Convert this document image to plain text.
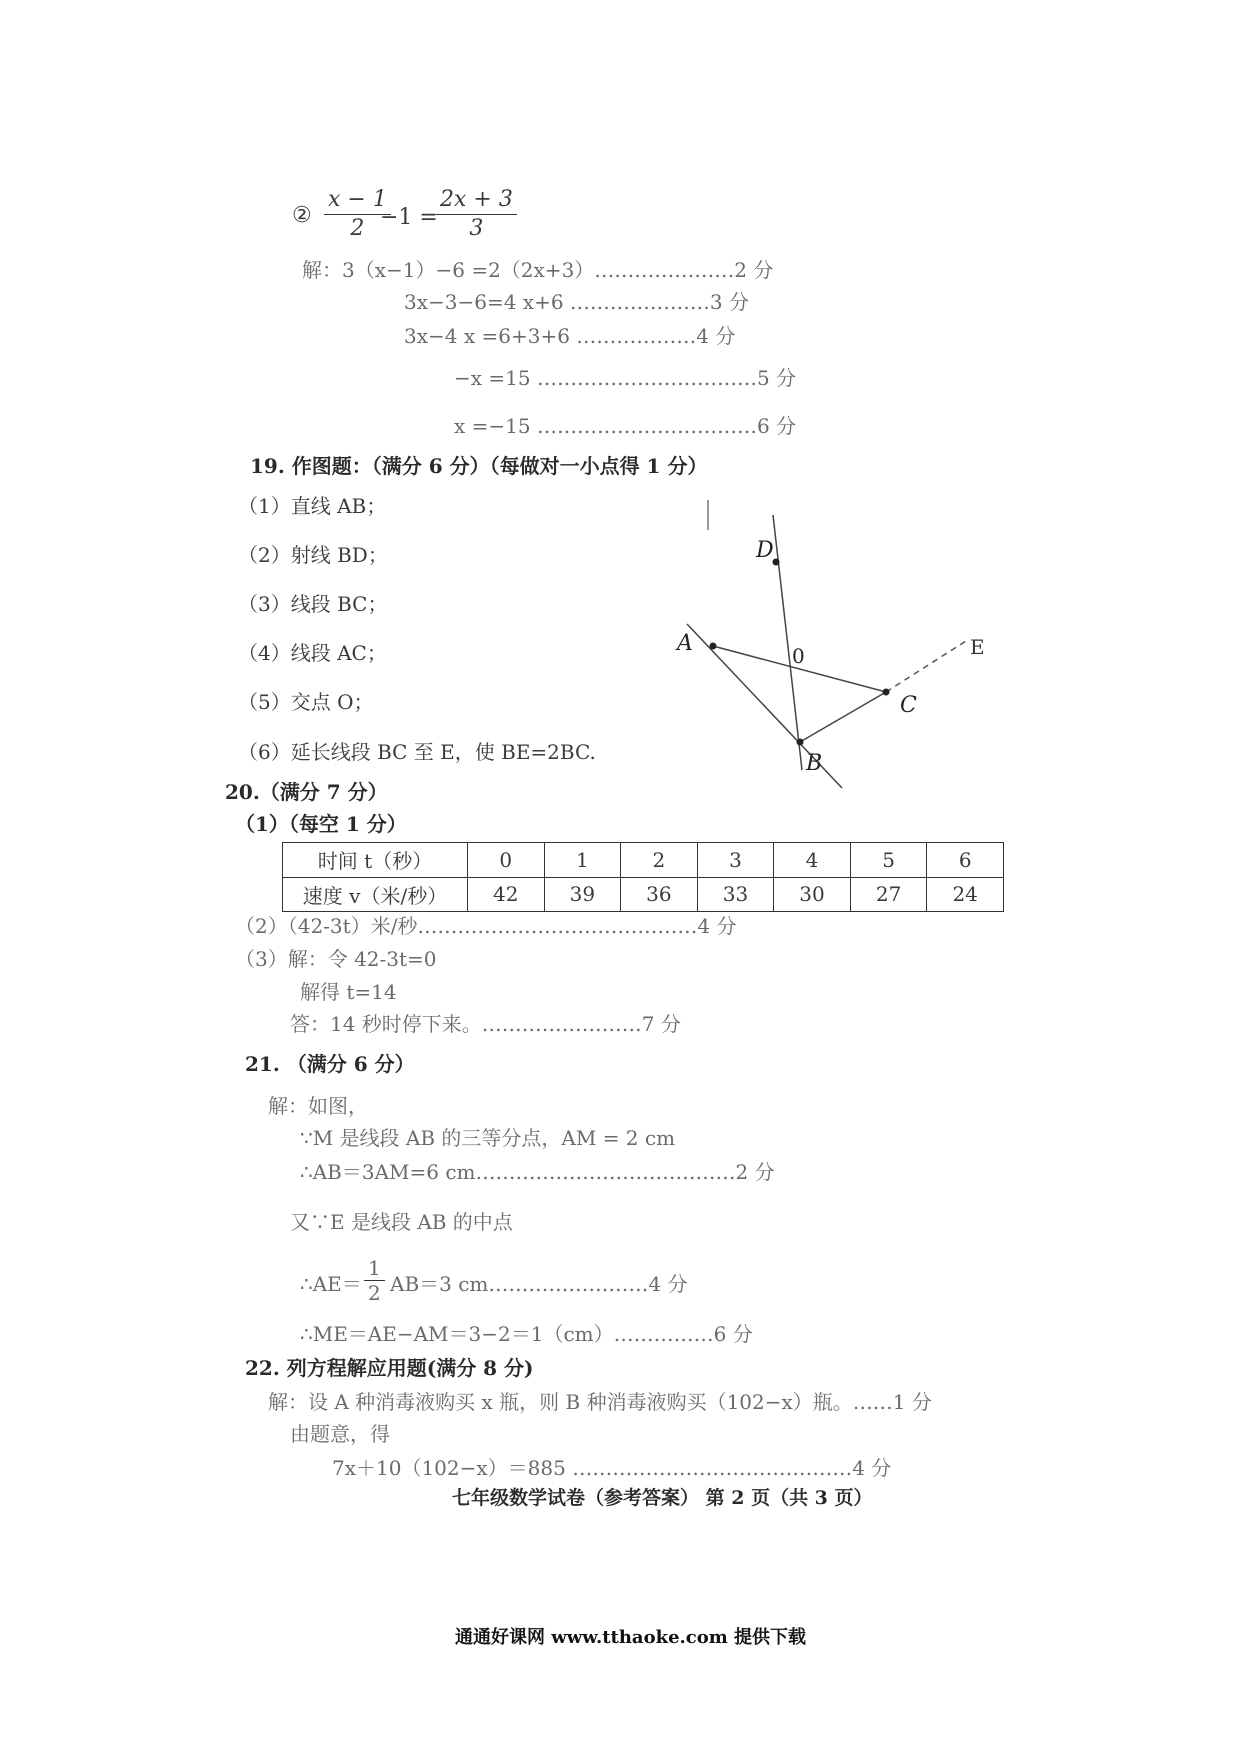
② $\frac{x - 1}{2}$
−1 =
$\frac{2x + 3}{3}$
解：3（x−1）−6 =2（2x+3）…………………2 分
3x−3−6=4 x+6 …………………3 分
3x−4 x =6+3+6 ………………4 分
−x =15 ……………………………5 分
x =−15 ……………………………6 分
19. 作图题：（满分 6 分）（每做对一小点得 1 分）
（1）直线 AB；
（2）射线 BD；
（3）线段 BC；
（4）线段 AC；
（5）交点 O；
（6）延长线段 BC 至 E，使 BE=2BC.
D
A	0
C
B
E
20.（满分 7 分）
（1）（每空 1 分）
时间 t（秒）	0	1	2	3	4	5	6
速度 v（米/秒）	42	39	36	33	30	27	24
（2）（42-3t）米/秒……………………………………4 分
（3）解：令 42-3t=0
解得 t=14
答：14 秒时停下来。……………………7 分
21. （满分 6 分）
解：如图，
∵M 是线段 AB 的三等分点，AM = 2 cm
∴AB＝3AM=6 cm…………………………………2 分
又∵E 是线段 AB 的中点
∴AE＝ $\frac{1}{2} AB=3$ cm……………………4 分
∴ME＝AE−AM＝3−2＝1（cm）……………6 分
22. 列方程解应用题(满分 8 分)
解：设 A 种消毒液购买 x 瓶，则 B 种消毒液购买（102−x）瓶。……1 分
由题意，得
7x＋10（102−x）＝885 ……………………………………4 分
七年级数学试卷（参考答案） 第 2 页（共 3 页）
通通好课网 www.tthaoke.com 提供下载
